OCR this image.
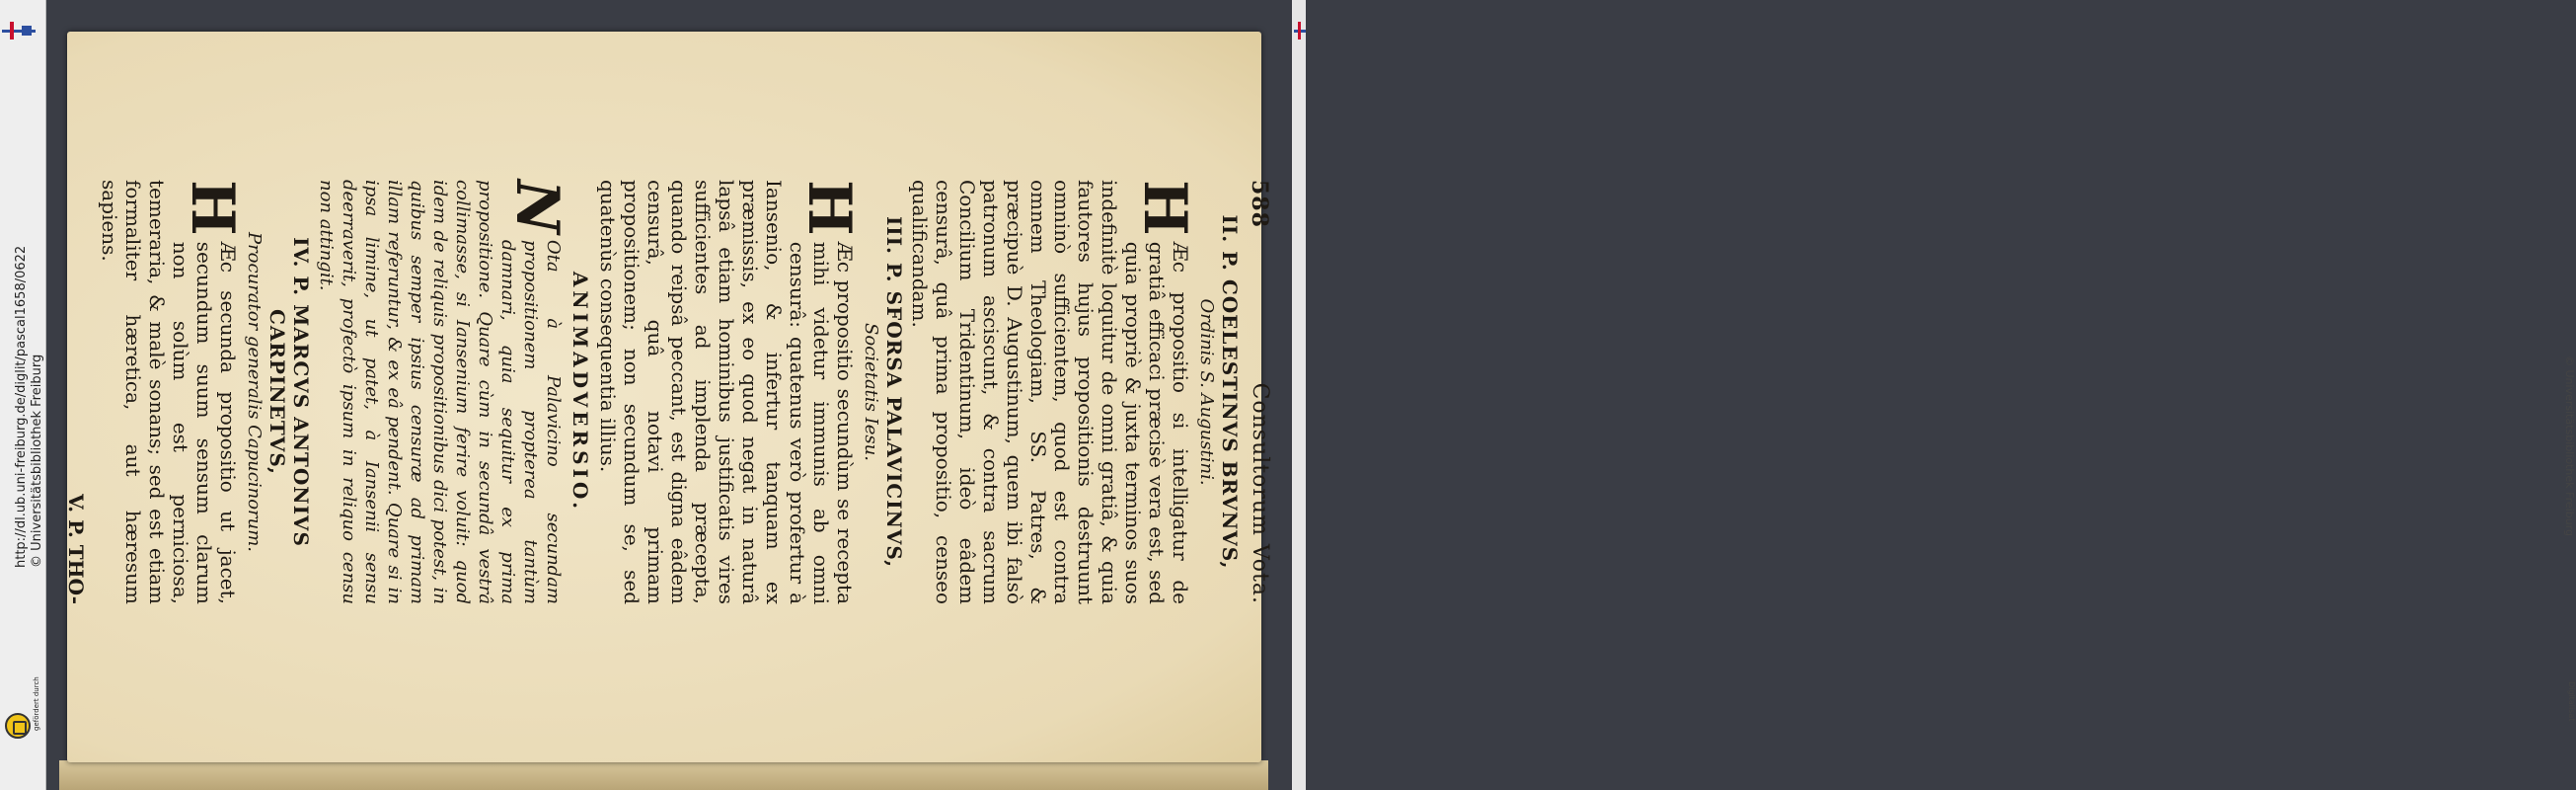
http://dl.ub.uni-freiburg.de/diglit/pascal1658/0622 © Universitätsbibliothek Freiburg
gefördert durch
© Universitätsbibliothek Freiburg
Digitalisat
588
Consultorum Vota.
II. P. COELESTINVS BRVNVS,
Ordinis S. Augustini.

H
Æc propositio si intelligatur de gratiâ efficaci præcisè vera est, sed quia propriè & juxta terminos suos indefinitè loquitur de omni gratiâ, & quia fautores hujus propositionis destruunt omninò sufficientem, quod est contra omnem Theologiam, SS. Patres, & præcipuè D. Augustinum, quem ibi falsò patronum asciscunt, & contra sacrum Concilium Tridentinum, ideò eâdem censurâ, quâ prima propositio, censeo qualificandam.

III. P. SFORSA PALAVICINVS,
Societatis Iesu.

H
Æc propositio secundùm se recepta mihi videtur immunis ab omni censurâ: quatenus verò profertur à Iansenio, & infertur tanquam ex præmissis, ex eo quod negat in naturâ lapsâ etiam hominibus justificatis vires sufficientes ad implenda præcepta, quando reipsâ peccant, est digna eâdem censurâ, quâ notavi primam propositionem; non secundum se, sed quatenùs consequentia illius.

ANIMADVERSIO.

N
Ota à Palavicino secundam propositionem propterea tantùm damnari, quia sequitur ex prima propositione. Quare cùm in secundâ vestrâ collimasse, si Iansenium ferire voluit: quod idem de reliquis propositionibus dici potest, in quibus semper ipsius censuræ ad primam illam referuntur, & ex eâ pendent. Quare si in ipsa limine, ut patet, à Iansenii sensu deerraverit, profectò ipsum in reliquo censu non attingit.

IV. P. MARCVS ANTONIVS CARPINETVS,
Procurator generalis Capucinorum.

H
Æc secunda propositio ut jacet, secundum suum sensum clarum non solùm est perniciosa, temeraria, & malè sonans; sed est etiam formaliter hæretica, aut hæresum sapiens.

V. P. THO-
